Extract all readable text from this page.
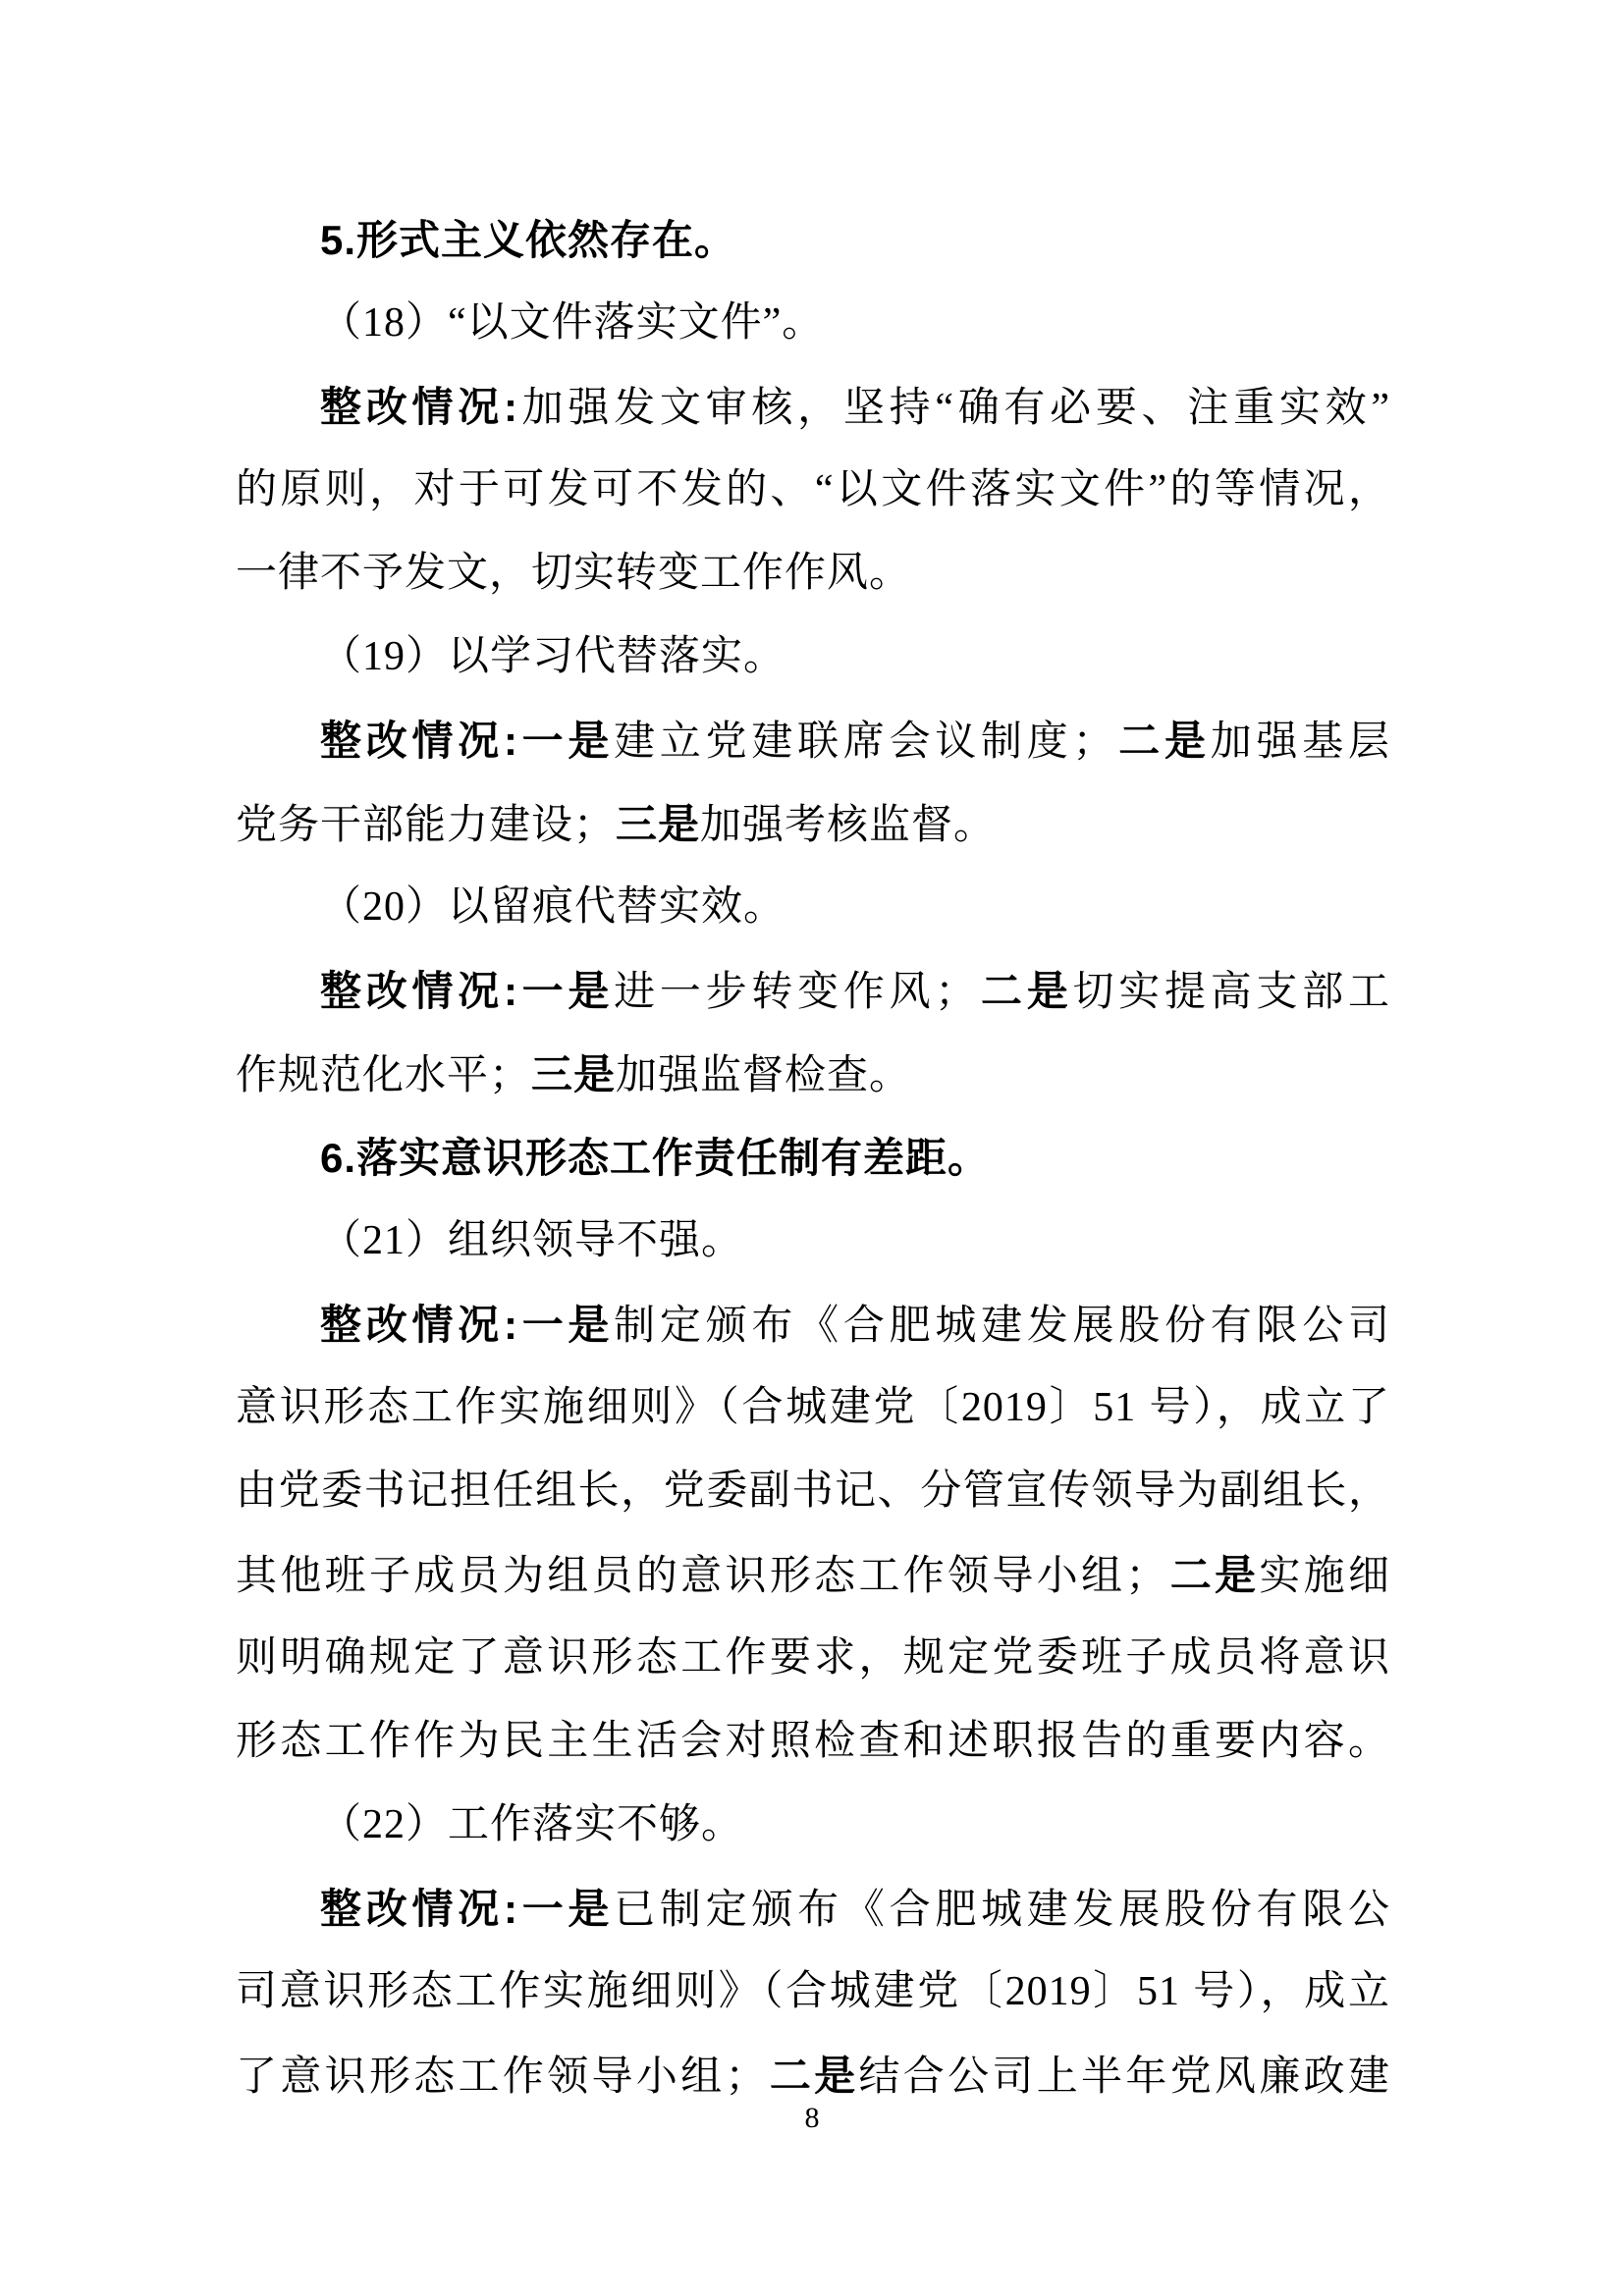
5.形式主义依然存在。
（18）“以文件落实文件”。
整改情况:加强发文审核，坚持“确有必要、注重实效”
的原则，对于可发可不发的、“以文件落实文件”的等情况，
一律不予发文，切实转变工作作风。
（19）以学习代替落实。
整改情况:一是建立党建联席会议制度；二是加强基层
党务干部能力建设；三是加强考核监督。
（20）以留痕代替实效。
整改情况:一是进一步转变作风；二是切实提高支部工
作规范化水平；三是加强监督检查。
6.落实意识形态工作责任制有差距。
（21）组织领导不强。
整改情况:一是制定颁布《合肥城建发展股份有限公司
意识形态工作实施细则》（合城建党〔2019〕51 号），成立了
由党委书记担任组长，党委副书记、分管宣传领导为副组长，
其他班子成员为组员的意识形态工作领导小组；二是实施细
则明确规定了意识形态工作要求，规定党委班子成员将意识
形态工作作为民主生活会对照检查和述职报告的重要内容。
（22）工作落实不够。
整改情况:一是已制定颁布《合肥城建发展股份有限公
司意识形态工作实施细则》（合城建党〔2019〕51 号），成立
了意识形态工作领导小组；二是结合公司上半年党风廉政建
8
